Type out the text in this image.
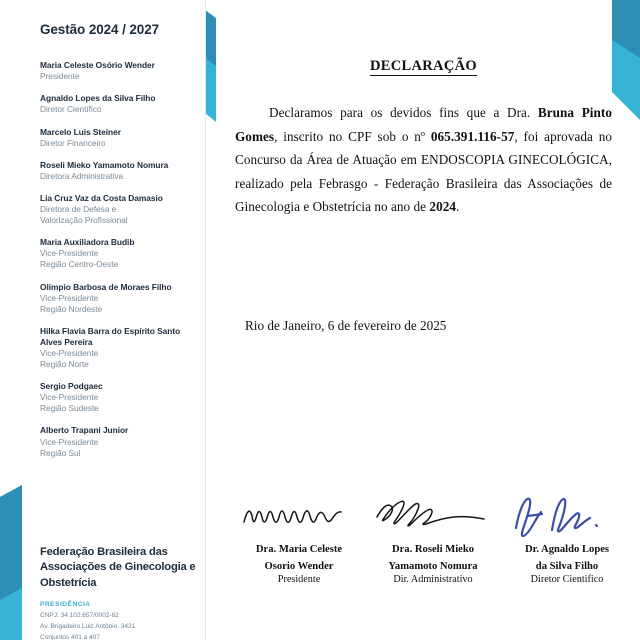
Gestão 2024 / 2027
Maria Celeste Osório Wender
Presidente
Agnaldo Lopes da Silva Filho
Diretor Científico
Marcelo Luis Steiner
Diretor Financeiro
Roseli Mieko Yamamoto Nomura
Diretora Administrativa
Lia Cruz Vaz da Costa Damasio
Diretora de Defesa e
Valorização Profissional
Maria Auxiliadora Budib
Vice-Presidente
Região Centro-Oeste
Olimpio Barbosa de Moraes Filho
Vice-Presidente
Região Nordeste
Hilka Flavia Barra do Espírito Santo Alves Pereira
Vice-Presidente
Região Norte
Sergio Podgaec
Vice-Presidente
Região Sudeste
Alberto Trapani Junior
Vice-Presidente
Região Sul
Federação Brasileira das Associações de Ginecologia e Obstetrícia
PRESIDÊNCIA
CNPJ: 34.102.657/0002-62
Av. Brigadeiro Luiz Antônio, 3421
Conjuntos 401 a 407
DECLARAÇÃO

Declaramos para os devidos fins que a Dra. Bruna Pinto Gomes, inscrito no CPF sob o nº 065.391.116-57, foi aprovada no Concurso da Área de Atuação em ENDOSCOPIA GINECOLÓGICA, realizado pela Febrasgo - Federação Brasileira das Associações de Ginecologia e Obstetrícia no ano de 2024.

Rio de Janeiro, 6 de fevereiro de 2025

Dra. Maria Celeste
Osorio Wender
Presidente
Dra. Roseli Mieko
Yamamoto Nomura
Dir. Administrativo
Dr. Agnaldo Lopes
da Silva Filho
Diretor Cientifico
